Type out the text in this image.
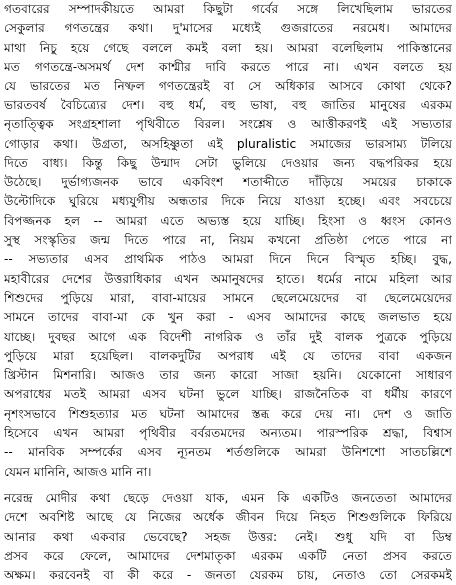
গতবারের সম্পাদকীয়তে আমরা কিছুটা গর্বের সঙ্গে লিখেছিলাম ভারতের
সেকুলার গণতন্ত্রের কথা। দু'মাসের মধ্যেই গুজরাতের নরমেধ। আমাদের
মাথা নিচু হয়ে গেছে বললে কমই বলা হয়। আমরা বলেছিলাম পাকিস্তানের
মত গণতন্ত্রে-অসমর্থ দেশ কাশ্মীর দাবি করতে পারে না। এখন বলতে হয়
যে ভারতের মত নিষ্ফল গণতন্ত্রেরই বা সে অধিকার আসবে কোথা থেকে?

ভারতবর্ষ বৈচিত্র্যের দেশ। বহু ধর্ম, বহু ভাষা, বহু জাতির মানুষের এরকম
নৃতাত্ত্বিক সংগ্রহশালা পৃথিবীতে বিরল। সংশ্লেষ ও আত্তীকরণই এই সভ্যতার
গোড়ার কথা। উগ্রতা, অসহিষ্ণুতা এই pluralistic সমাজের ভারসাম্য টলিয়ে
দিতে বাধ্য। কিন্তু কিছু উন্মাদ সেটা ভুলিয়ে দেওয়ার জন্য বদ্ধপরিকর হয়ে
উঠেছে। দুর্ভাগ্যজনক ভাবে একবিংশ শতাব্দীতে দাঁড়িয়ে সময়ের চাকাকে
উল্টোদিকে ঘুরিয়ে মধ্যযুগীয় অন্ধতার দিকে নিয়ে যাওয়া হচ্ছে। এবং সবচেয়ে
বিপজ্জনক হল -- আমরা এতে অভ্যস্ত হয়ে যাচ্ছি। হিংসা ও ধ্বংস কোনও
সুস্থ সংস্কৃতির জন্ম দিতে পারে না, নিয়ম কখনো প্রতিষ্ঠা পেতে পারে না
-- সভ্যতার এসব প্রাথমিক পাঠও আমরা দিনে দিনে বিস্মৃত হচ্ছি। বুদ্ধ,
মহাবীরের দেশের উত্তরাধিকার এখন অমানুষদের হাতে। ধর্মের নামে মহিলা আর
শিশুদের পুড়িয়ে মারা, বাবা-মায়ের সামনে ছেলেমেয়েদের বা ছেলেমেয়েদের
সামনে তাদের বাবা-মা কে খুন করা - এসব আমাদের কাছে জলভাত হয়ে
যাচ্ছে। দুবছর আগে এক বিদেশী নাগরিক ও তাঁর দুই বালক পুত্রকে পুড়িয়ে
পুড়িয়ে মারা হয়েছিল। বালকদুটির অপরাধ এই যে তাদের বাবা একজন
খ্রিস্টান মিশনারি। আজও তার জন্য কারো সাজা হয়নি। যেকোনো সাধারণ
অপরাধের মতই আমরা এসব ঘটনা ভুলে যাচ্ছি। রাজনৈতিক বা ধর্মীয় কারণে
নৃশংসভাবে শিশুহত্যার মত ঘটনা আমাদের স্তব্ধ করে দেয় না। দেশ ও জাতি
হিসেবে এখন আমরা পৃথিবীর বর্বরতমদের অন্যতম। পারস্পরিক শ্রদ্ধা, বিশ্বাস
-- মানবিক সম্পর্কের এসব ন্যূনতম শর্তগুলিকে আমরা উনিশশো সাতচল্লিশে
যেমন মানিনি, আজও মানি না।

নরেন্দ্র মোদীর কথা ছেড়ে দেওয়া যাক, এমন কি একটিও জনতেতা আমাদের
দেশে অবশিষ্ট আছে যে নিজের অর্ধেক জীবন দিয়ে নিহত শিশুগুলিকে ফিরিয়ে
আনার কথা একবার ভেবেছে? সহজ উত্তর: নেই। শুধু যদি বা ডিম্ব
প্রসব করে ফেলে, আমাদের দেশমাতৃকা এরকম একটি নেতা প্রসব করতে
অক্ষম। করবেনই বা কী করে - জনতা যেরকম চায়, নেতাও তো সেরকমই
